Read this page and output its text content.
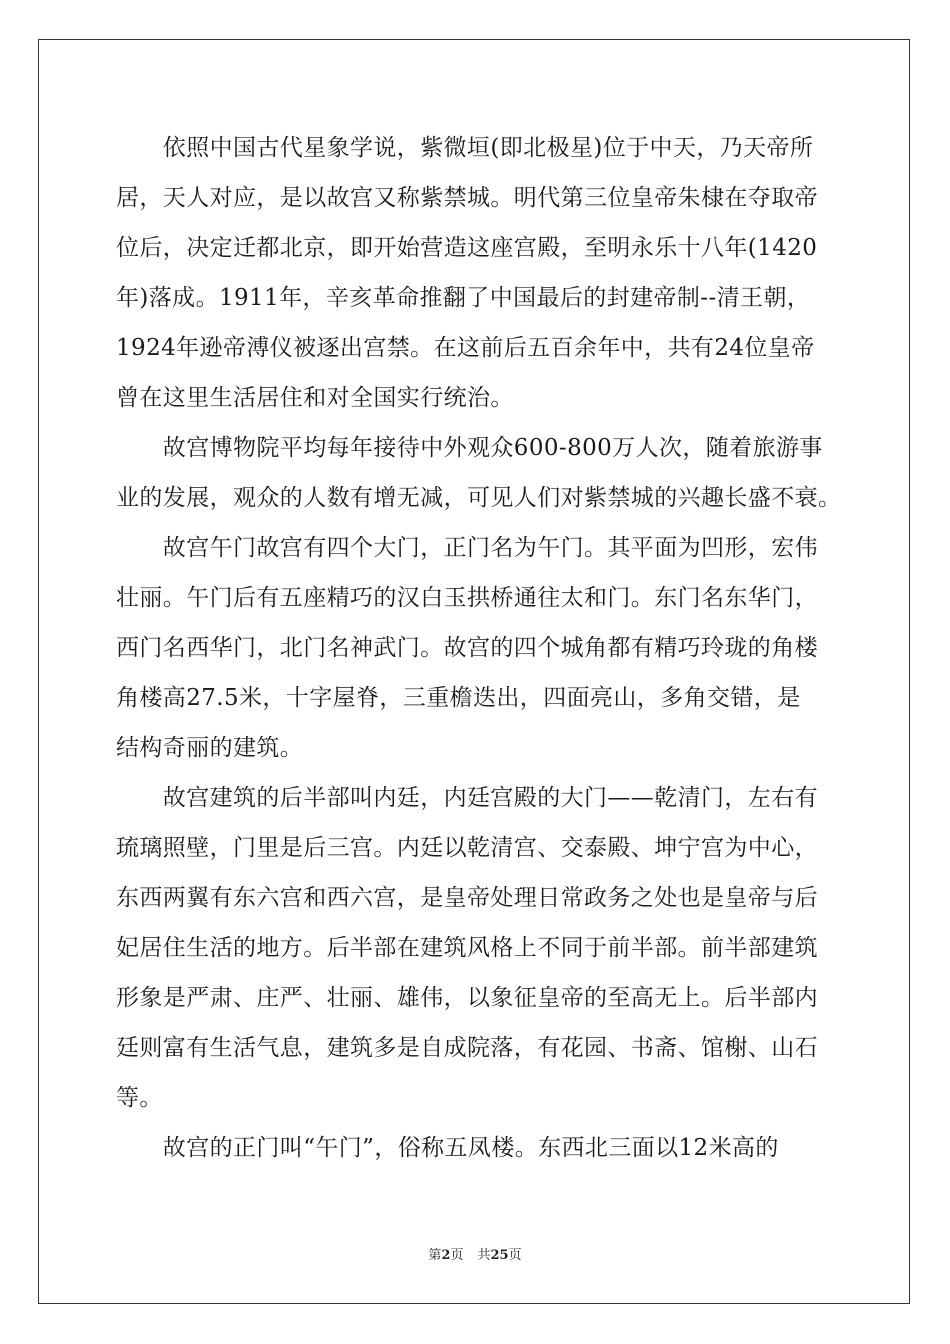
　　依照中国古代星象学说，紫微垣(即北极星)位于中天，乃天帝所
居，天人对应，是以故宫又称紫禁城。明代第三位皇帝朱棣在夺取帝
位后，决定迁都北京，即开始营造这座宫殿，至明永乐十八年(1420
年)落成。1911年，辛亥革命推翻了中国最后的封建帝制--清王朝，
1924年逊帝溥仪被逐出宫禁。在这前后五百余年中，共有24位皇帝
曾在这里生活居住和对全国实行统治。
　　故宫博物院平均每年接待中外观众600-800万人次，随着旅游事
业的发展，观众的人数有增无减，可见人们对紫禁城的兴趣长盛不衰。
　　故宫午门故宫有四个大门，正门名为午门。其平面为凹形，宏伟
壮丽。午门后有五座精巧的汉白玉拱桥通往太和门。东门名东华门，
西门名西华门，北门名神武门。故宫的四个城角都有精巧玲珑的角楼
角楼高27.5米，十字屋脊，三重檐迭出，四面亮山，多角交错，是
结构奇丽的建筑。
　　故宫建筑的后半部叫内廷，内廷宫殿的大门——乾清门，左右有
琉璃照壁，门里是后三宫。内廷以乾清宫、交泰殿、坤宁宫为中心，
东西两翼有东六宫和西六宫，是皇帝处理日常政务之处也是皇帝与后
妃居住生活的地方。后半部在建筑风格上不同于前半部。前半部建筑
形象是严肃、庄严、壮丽、雄伟，以象征皇帝的至高无上。后半部内
廷则富有生活气息，建筑多是自成院落，有花园、书斋、馆榭、山石
等。
　　故宫的正门叫“午门”，俗称五凤楼。东西北三面以12米高的
第2页 共25页
